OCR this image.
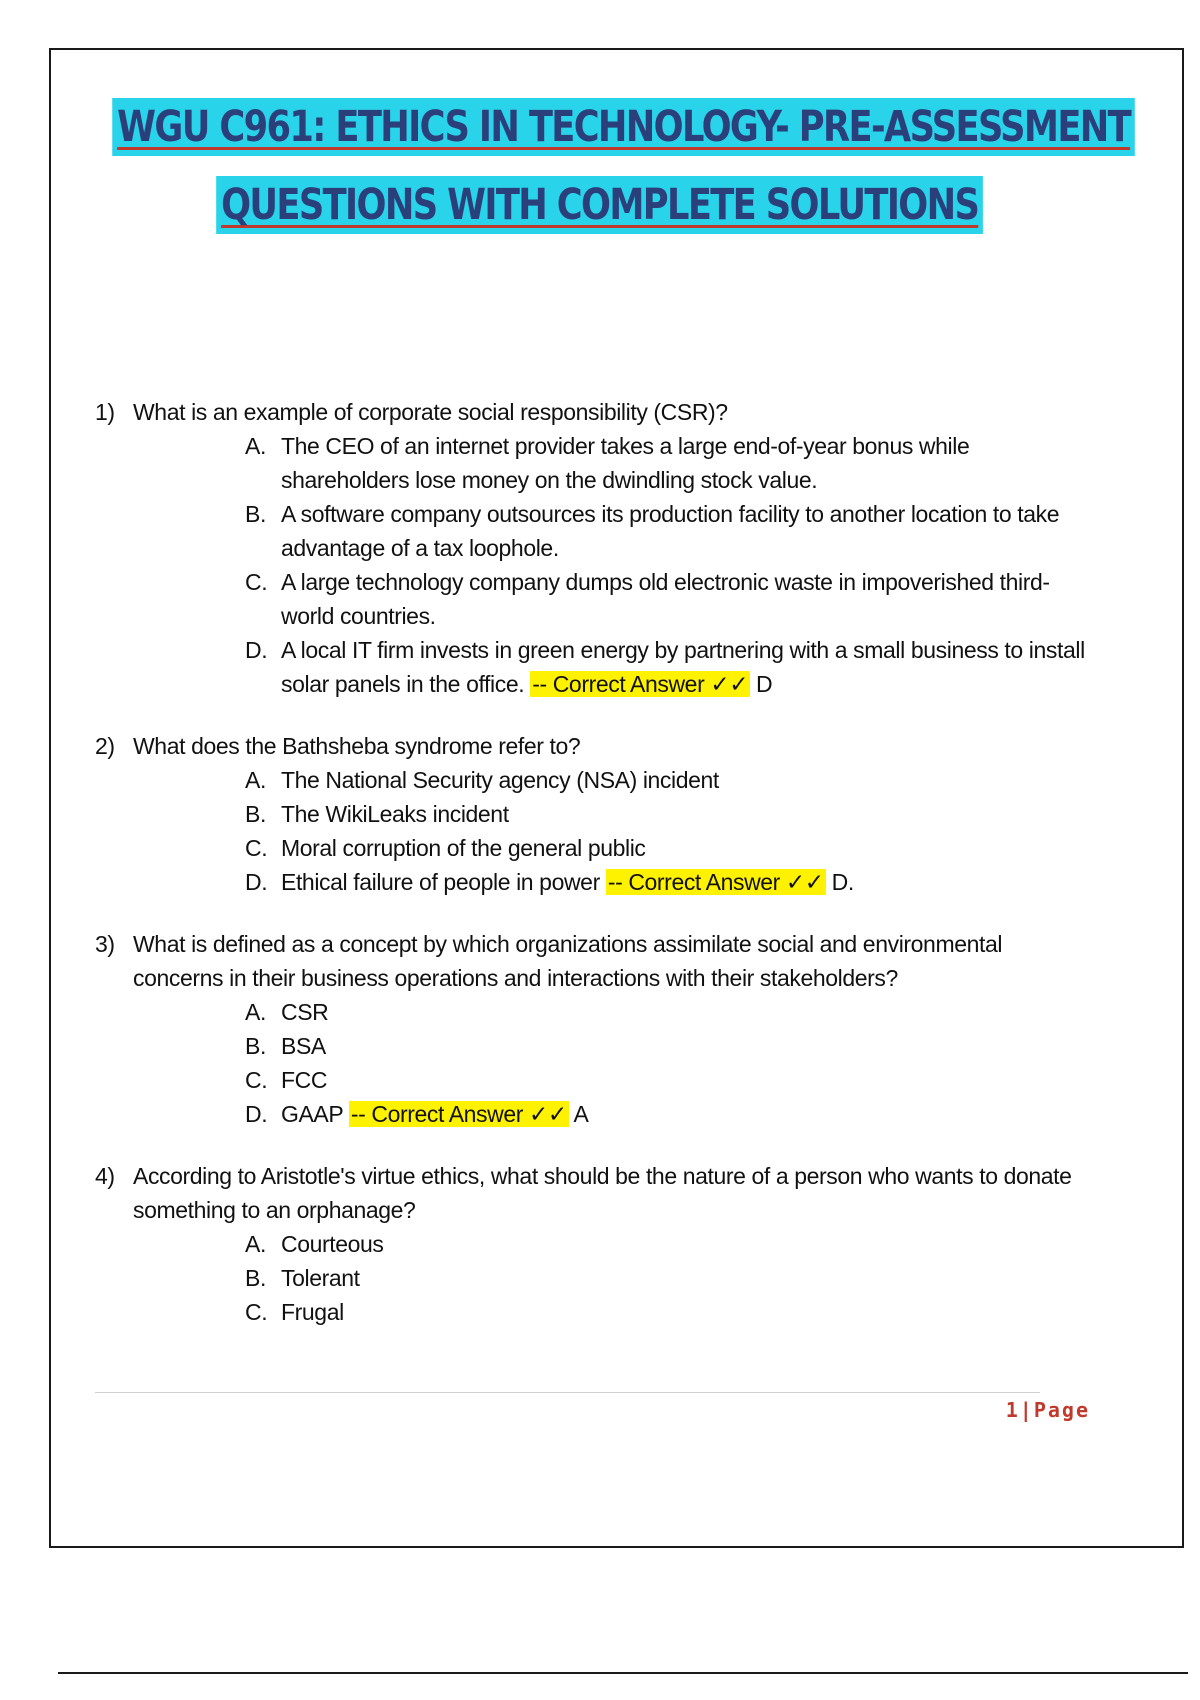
WGU C961: ETHICS IN TECHNOLOGY- PRE-ASSESSMENT
QUESTIONS WITH COMPLETE SOLUTIONS
1) What is an example of corporate social responsibility (CSR)?
A. The CEO of an internet provider takes a large end-of-year bonus while shareholders lose money on the dwindling stock value.
B. A software company outsources its production facility to another location to take advantage of a tax loophole.
C. A large technology company dumps old electronic waste in impoverished third-world countries.
D. A local IT firm invests in green energy by partnering with a small business to install solar panels in the office. -- Correct Answer ✓✓ D
2) What does the Bathsheba syndrome refer to?
A. The National Security agency (NSA) incident
B. The WikiLeaks incident
C. Moral corruption of the general public
D. Ethical failure of people in power -- Correct Answer ✓✓ D.
3) What is defined as a concept by which organizations assimilate social and environmental concerns in their business operations and interactions with their stakeholders?
A. CSR
B. BSA
C. FCC
D. GAAP -- Correct Answer ✓✓ A
4) According to Aristotle's virtue ethics, what should be the nature of a person who wants to donate something to an orphanage?
A. Courteous
B. Tolerant
C. Frugal
1|Page
